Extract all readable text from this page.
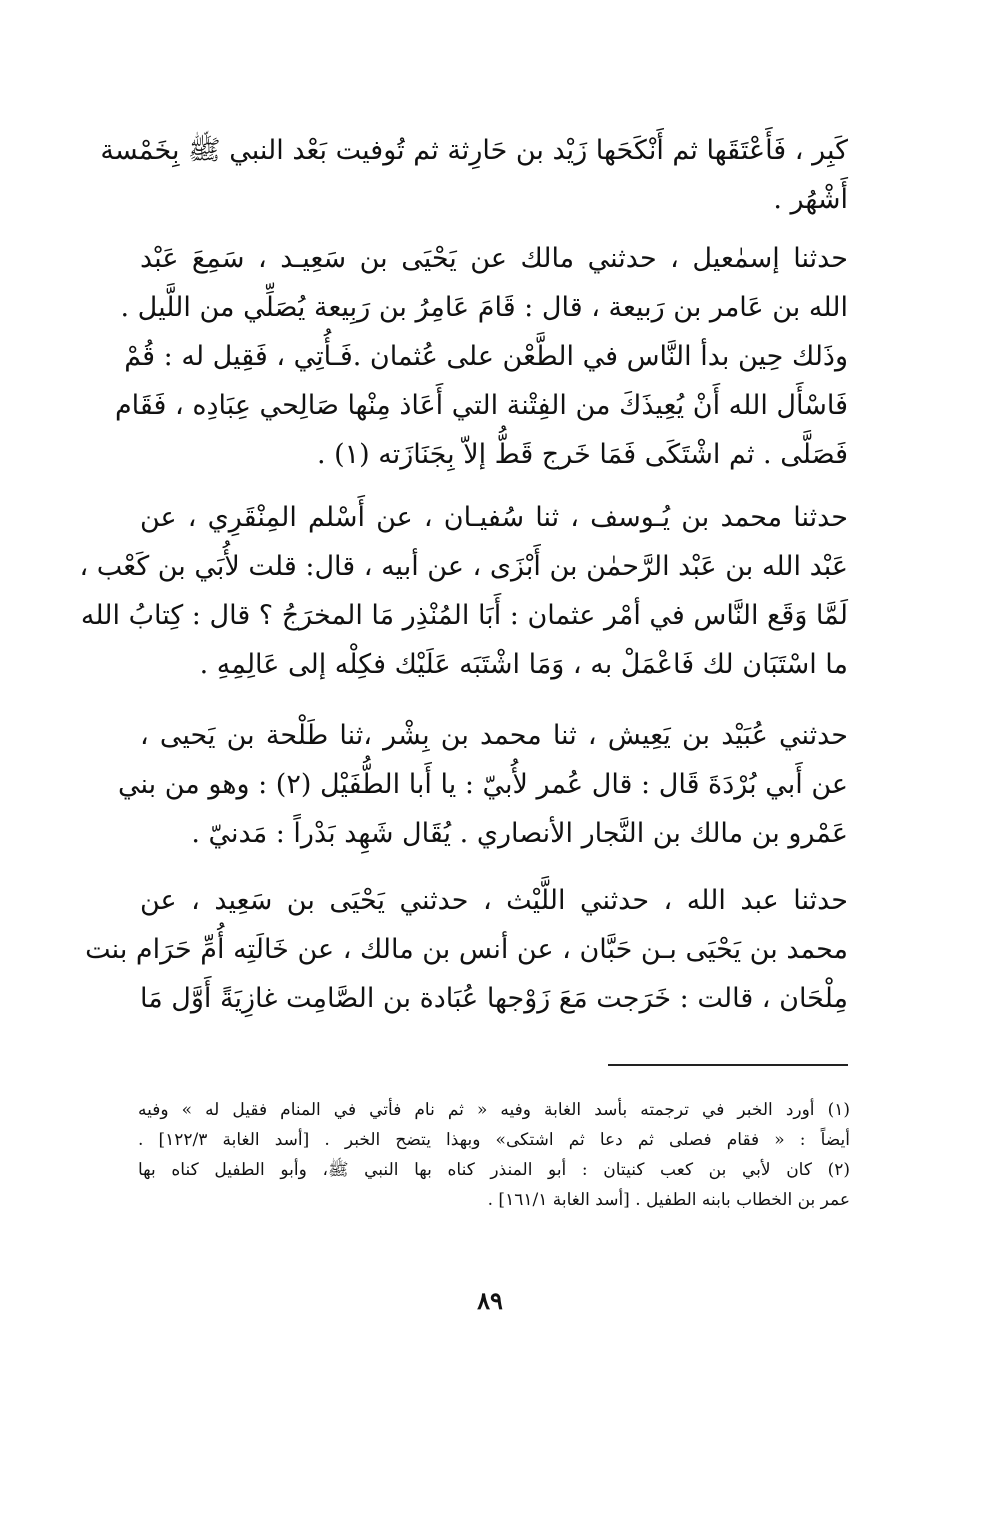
كَبِر ، فَأَعْتَقَها ثم أَنْكَحَها زَيْد بن حَارِثة ثم تُوفيت بَعْد النبي ﷺ بِخَمْسة
أَشْهُر .
حدثنا إسمٰعيل ، حدثني مالك عن يَحْيَى بن سَعِيـد ، سَمِعَ عَبْد
الله بن عَامر بن رَبيعة ، قال : قَامَ عَامِرُ بن رَبِيعة يُصَلِّي من اللَّيل .
وذَلك حِين بدأ النَّاس في الطَّعْن على عُثمان .فَـأُتِي ، فَقِيل له : قُمْ
فَاسْأَل الله أَنْ يُعِيذَكَ من الفِتْنة التي أَعَاذ مِنْها صَالِحي عِبَادِه ، فَقَام
فَصَلَّى . ثم اشْتَكَى فَمَا خَرج قَطُّ إلاّ بِجَنَازَته (١) .
حدثنا محمد بن يُـوسف ، ثنا سُفيـان ، عن أَسْلم المِنْقَرِي ، عن
عَبْد الله بن عَبْد الرَّحمٰن بن أَبْزَى ، عن أبيه ، قال: قلت لأُبَي بن كَعْب ،
لَمَّا وَقَع النَّاس في أمْر عثمان : أَبَا المُنْذِر مَا المخرَجُ ؟ قال : كِتابُ الله
ما اسْتَبَان لك فَاعْمَلْ به ، وَمَا اشْتَبَه عَلَيْك فكِلْه إلى عَالِمِهِ .
حدثني عُبَيْد بن يَعِيش ، ثنا محمد بن بِشْر ،ثنا طَلْحة بن يَحيى ،
عن أَبي بُرْدَةَ قَال : قال عُمر لأُبيّ : يا أَبا الطُّفَيْل (٢) : وهو من بني
عَمْرو بن مالك بن النَّجار الأنصاري . يُقَال شَهِد بَدْراً : مَدنيّ .
حدثنا عبد الله ، حدثني اللَّيْث ، حدثني يَحْيَى بن سَعِيد ، عن
محمد بن يَحْيَى بـن حَبَّان ، عن أنس بن مالك ، عن خَالَتِه أُمِّ حَرَام بنت
مِلْحَان ، قالت : خَرَجت مَعَ زَوْجها عُبَادة بن الصَّامِت غازِيَةً أَوَّل مَا
(١) أورد الخبر في ترجمته بأسد الغابة وفيه « ثم نام فأتي في المنام فقيل له » وفيه
أيضاً : « فقام فصلى ثم دعا ثم اشتكى» وبهذا يتضح الخبر . [أسد الغابة ١٢٢/٣] .
(٢) كان لأبي بن كعب كنيتان : أبو المنذر كناه بها النبي ﷺ، وأبو الطفيل كناه بها
عمر بن الخطاب بابنه الطفيل . [أسد الغابة ١٦١/١] .
٨٩
